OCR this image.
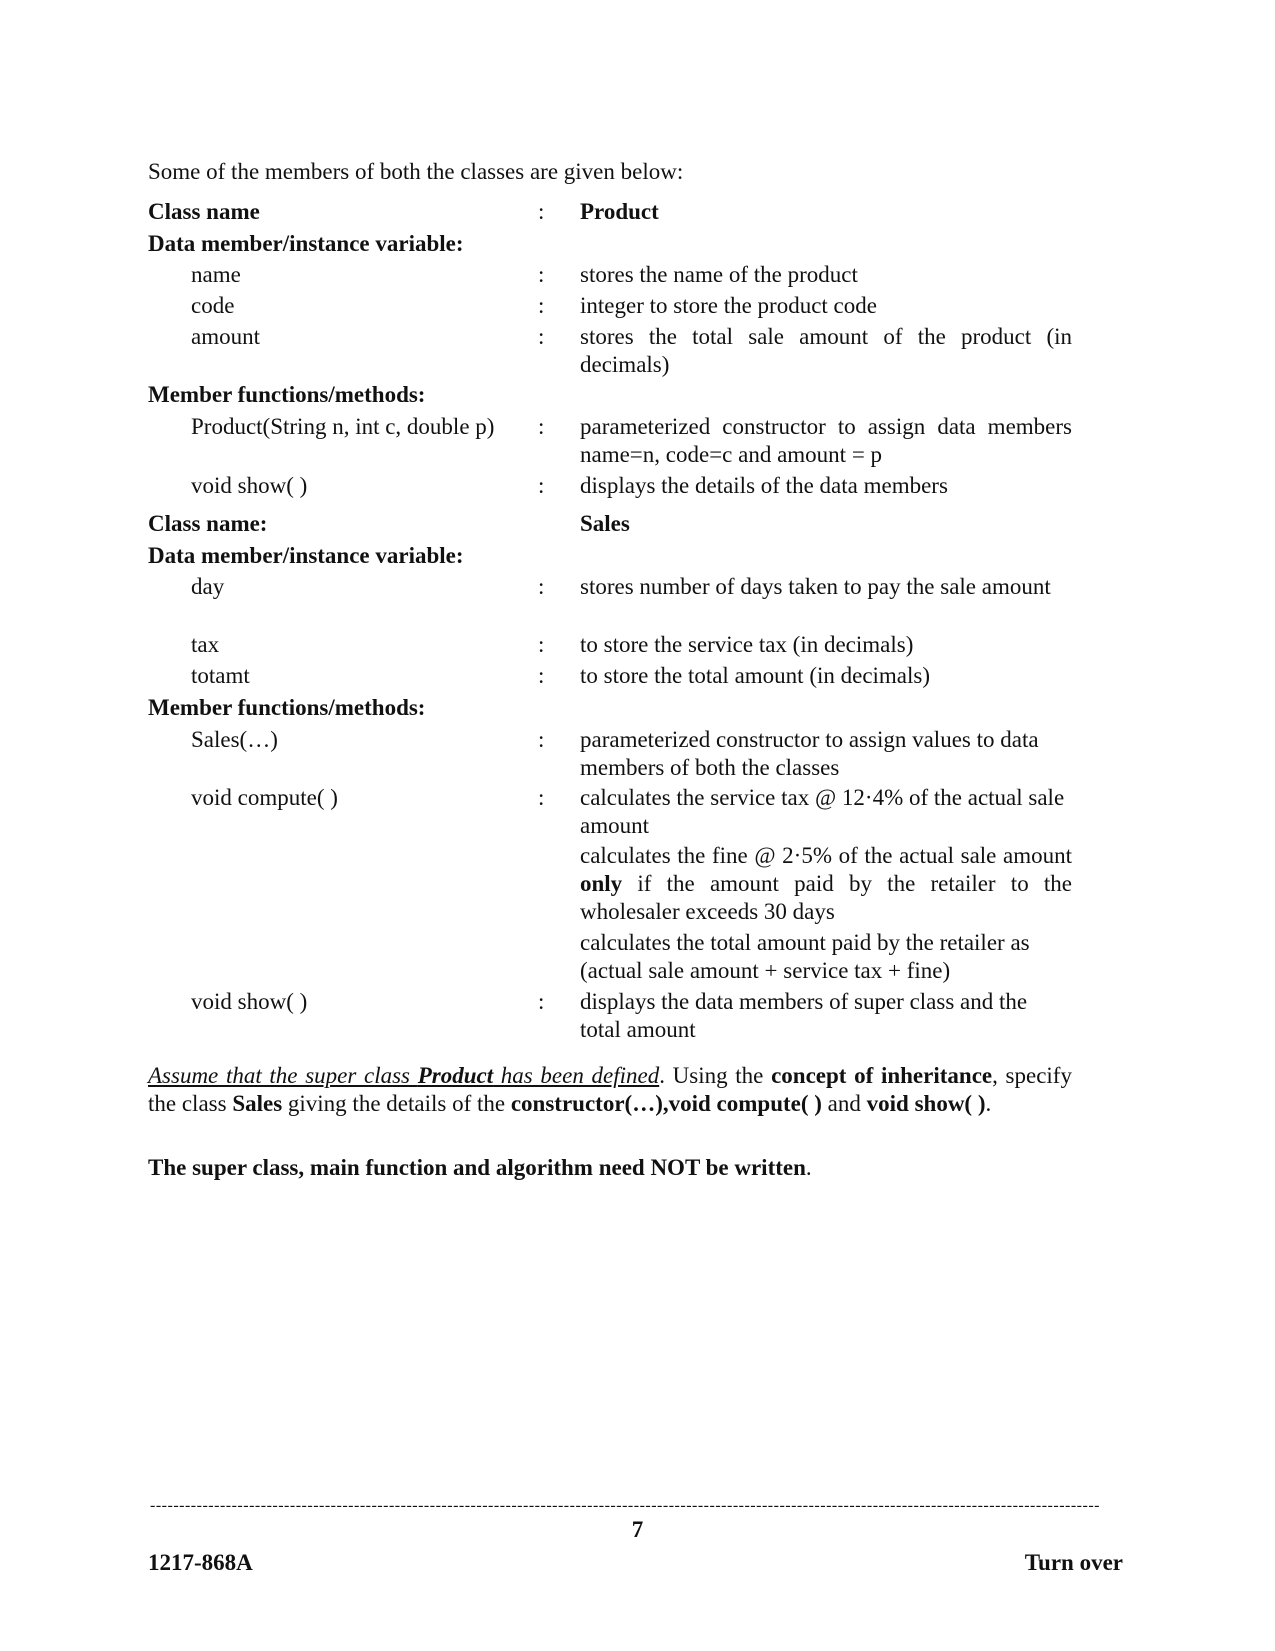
Some of the members of both the classes are given below:
Class name	: Product
Data member/instance variable:
name	: stores the name of the product
code	: integer to store the product code
amount	: stores the total sale amount of the product (in decimals)
Member functions/methods:
Product(String n, int c, double p) : parameterized constructor to assign data members name=n, code=c and amount = p
void show( )	: displays the details of the data members
Class name:	Sales
Data member/instance variable:
day	: stores number of days taken to pay the sale amount
tax	: to store the service tax (in decimals)
totamt	: to store the total amount (in decimals)
Member functions/methods:
Sales(…)	: parameterized constructor to assign values to data members of both the classes
void compute( )	: calculates the service tax @ 12·4% of the actual sale amount
calculates the fine @ 2·5% of the actual sale amount only if the amount paid by the retailer to the wholesaler exceeds 30 days
calculates the total amount paid by the retailer as (actual sale amount + service tax + fine)
void show( )	: displays the data members of super class and the total amount
Assume that the super class Product has been defined. Using the concept of inheritance, specify the class Sales giving the details of the constructor(…),void compute( ) and void show( ).
The super class, main function and algorithm need NOT be written.
-------------------------------------------------------------------------------------------------------------------------------------------------------------------
7
1217-868A	Turn over
